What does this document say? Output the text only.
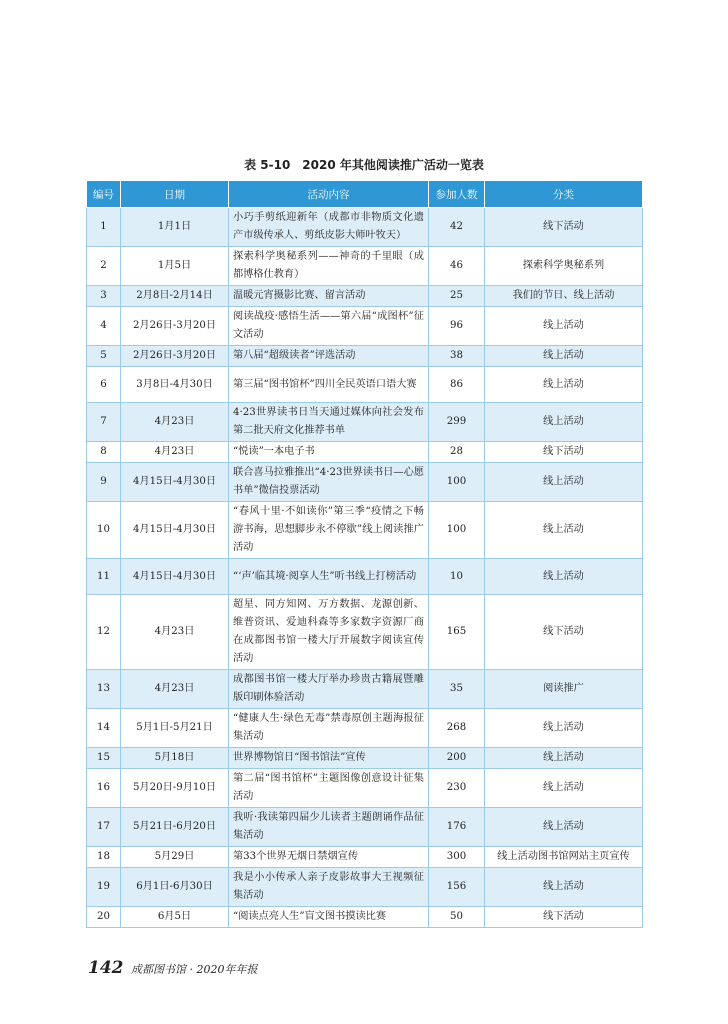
表 5-10　2020 年其他阅读推广活动一览表
编号	日期	活动内容	参加人数	分类
1	1月1日	小巧手剪纸迎新年（成都市非物质文化遗产市级传承人、剪纸皮影大师叶牧天）	42	线下活动
2	1月5日	探索科学奥秘系列——神奇的千里眼（成都博格仕教育）	46	探索科学奥秘系列
3	2月8日-2月14日	温暖元宵摄影比赛、留言活动	25	我们的节日、线上活动
4	2月26日-3月20日	阅读战疫·感悟生活——第六届“成图杯”征文活动	96	线上活动
5	2月26日-3月20日	第八届“超级读者”评选活动	38	线上活动
6	3月8日-4月30日	第三届“图书馆杯”四川全民英语口语大赛	86	线上活动
7	4月23日	4·23世界读书日当天通过媒体向社会发布第二批天府文化推荐书单	299	线上活动
8	4月23日	“悦读”一本电子书	28	线下活动
9	4月15日-4月30日	联合喜马拉雅推出“4·23世界读书日—心愿书单”微信投票活动	100	线上活动
10	4月15日-4月30日	“春风十里·不如读你”第三季“疫情之下畅游书海，思想脚步永不停歇”线上阅读推广活动	100	线上活动
11	4月15日-4月30日	“‘声’临其境·阅享人生”听书线上打榜活动	10	线上活动
12	4月23日	超星、同方知网、万方数据、龙源创新、维普资讯、爱迪科森等多家数字资源厂商在成都图书馆一楼大厅开展数字阅读宣传活动	165	线下活动
13	4月23日	成都图书馆一楼大厅举办珍贵古籍展暨雕版印刷体验活动	35	阅读推广
14	5月1日-5月21日	“健康人生·绿色无毒”禁毒原创主题海报征集活动	268	线上活动
15	5月18日	世界博物馆日“图书馆法”宣传	200	线上活动
16	5月20日-9月10日	第二届“图书馆杯”主题图像创意设计征集活动	230	线上活动
17	5月21日-6月20日	我听·我读第四届少儿读者主题朗诵作品征集活动	176	线上活动
18	5月29日	第33个世界无烟日禁烟宣传	300	线上活动图书馆网站主页宣传
19	6月1日-6月30日	我是小小传承人亲子皮影故事大王视频征集活动	156	线上活动
20	6月5日	“阅读点亮人生”盲文图书摸读比赛	50	线下活动
142 成都图书馆 · 2020年年报
